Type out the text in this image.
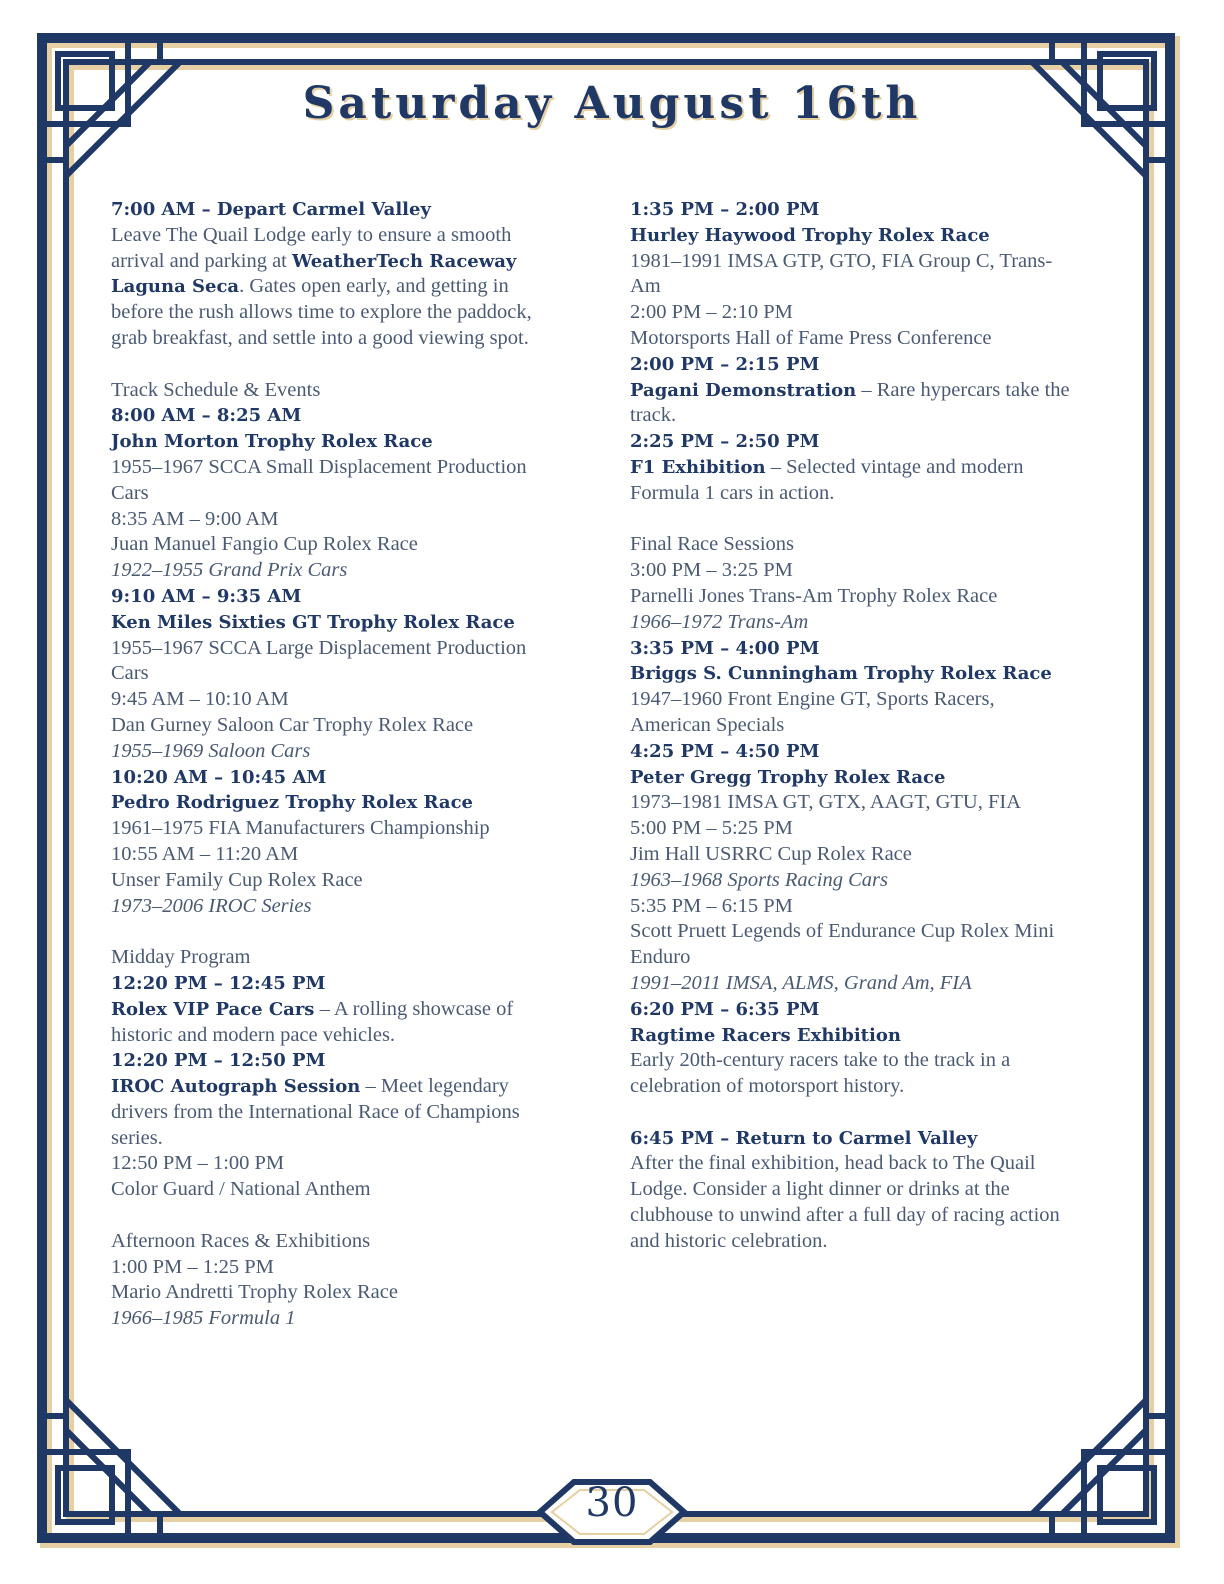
Saturday August 16th
7:00 AM – Depart Carmel Valley
Leave The Quail Lodge early to ensure a smooth
arrival and parking at WeatherTech Raceway
Laguna Seca. Gates open early, and getting in
before the rush allows time to explore the paddock,
grab breakfast, and settle into a good viewing spot.
Track Schedule & Events
8:00 AM – 8:25 AM
John Morton Trophy Rolex Race
1955–1967 SCCA Small Displacement Production
Cars
8:35 AM – 9:00 AM
Juan Manuel Fangio Cup Rolex Race
1922–1955 Grand Prix Cars
9:10 AM – 9:35 AM
Ken Miles Sixties GT Trophy Rolex Race
1955–1967 SCCA Large Displacement Production
Cars
9:45 AM – 10:10 AM
Dan Gurney Saloon Car Trophy Rolex Race
1955–1969 Saloon Cars
10:20 AM – 10:45 AM
Pedro Rodriguez Trophy Rolex Race
1961–1975 FIA Manufacturers Championship
10:55 AM – 11:20 AM
Unser Family Cup Rolex Race
1973–2006 IROC Series
Midday Program
12:20 PM – 12:45 PM
Rolex VIP Pace Cars – A rolling showcase of
historic and modern pace vehicles.
12:20 PM – 12:50 PM
IROC Autograph Session – Meet legendary
drivers from the International Race of Champions
series.
12:50 PM – 1:00 PM
Color Guard / National Anthem
Afternoon Races & Exhibitions
1:00 PM – 1:25 PM
Mario Andretti Trophy Rolex Race
1966–1985 Formula 1
1:35 PM – 2:00 PM
Hurley Haywood Trophy Rolex Race
1981–1991 IMSA GTP, GTO, FIA Group C, Trans-
Am
2:00 PM – 2:10 PM
Motorsports Hall of Fame Press Conference
2:00 PM – 2:15 PM
Pagani Demonstration – Rare hypercars take the
track.
2:25 PM – 2:50 PM
F1 Exhibition – Selected vintage and modern
Formula 1 cars in action.
Final Race Sessions
3:00 PM – 3:25 PM
Parnelli Jones Trans-Am Trophy Rolex Race
1966–1972 Trans-Am
3:35 PM – 4:00 PM
Briggs S. Cunningham Trophy Rolex Race
1947–1960 Front Engine GT, Sports Racers,
American Specials
4:25 PM – 4:50 PM
Peter Gregg Trophy Rolex Race
1973–1981 IMSA GT, GTX, AAGT, GTU, FIA
5:00 PM – 5:25 PM
Jim Hall USRRC Cup Rolex Race
1963–1968 Sports Racing Cars
5:35 PM – 6:15 PM
Scott Pruett Legends of Endurance Cup Rolex Mini
Enduro
1991–2011 IMSA, ALMS, Grand Am, FIA
6:20 PM – 6:35 PM
Ragtime Racers Exhibition
Early 20th-century racers take to the track in a
celebration of motorsport history.
6:45 PM – Return to Carmel Valley
After the final exhibition, head back to The Quail
Lodge. Consider a light dinner or drinks at the
clubhouse to unwind after a full day of racing action
and historic celebration.
30
